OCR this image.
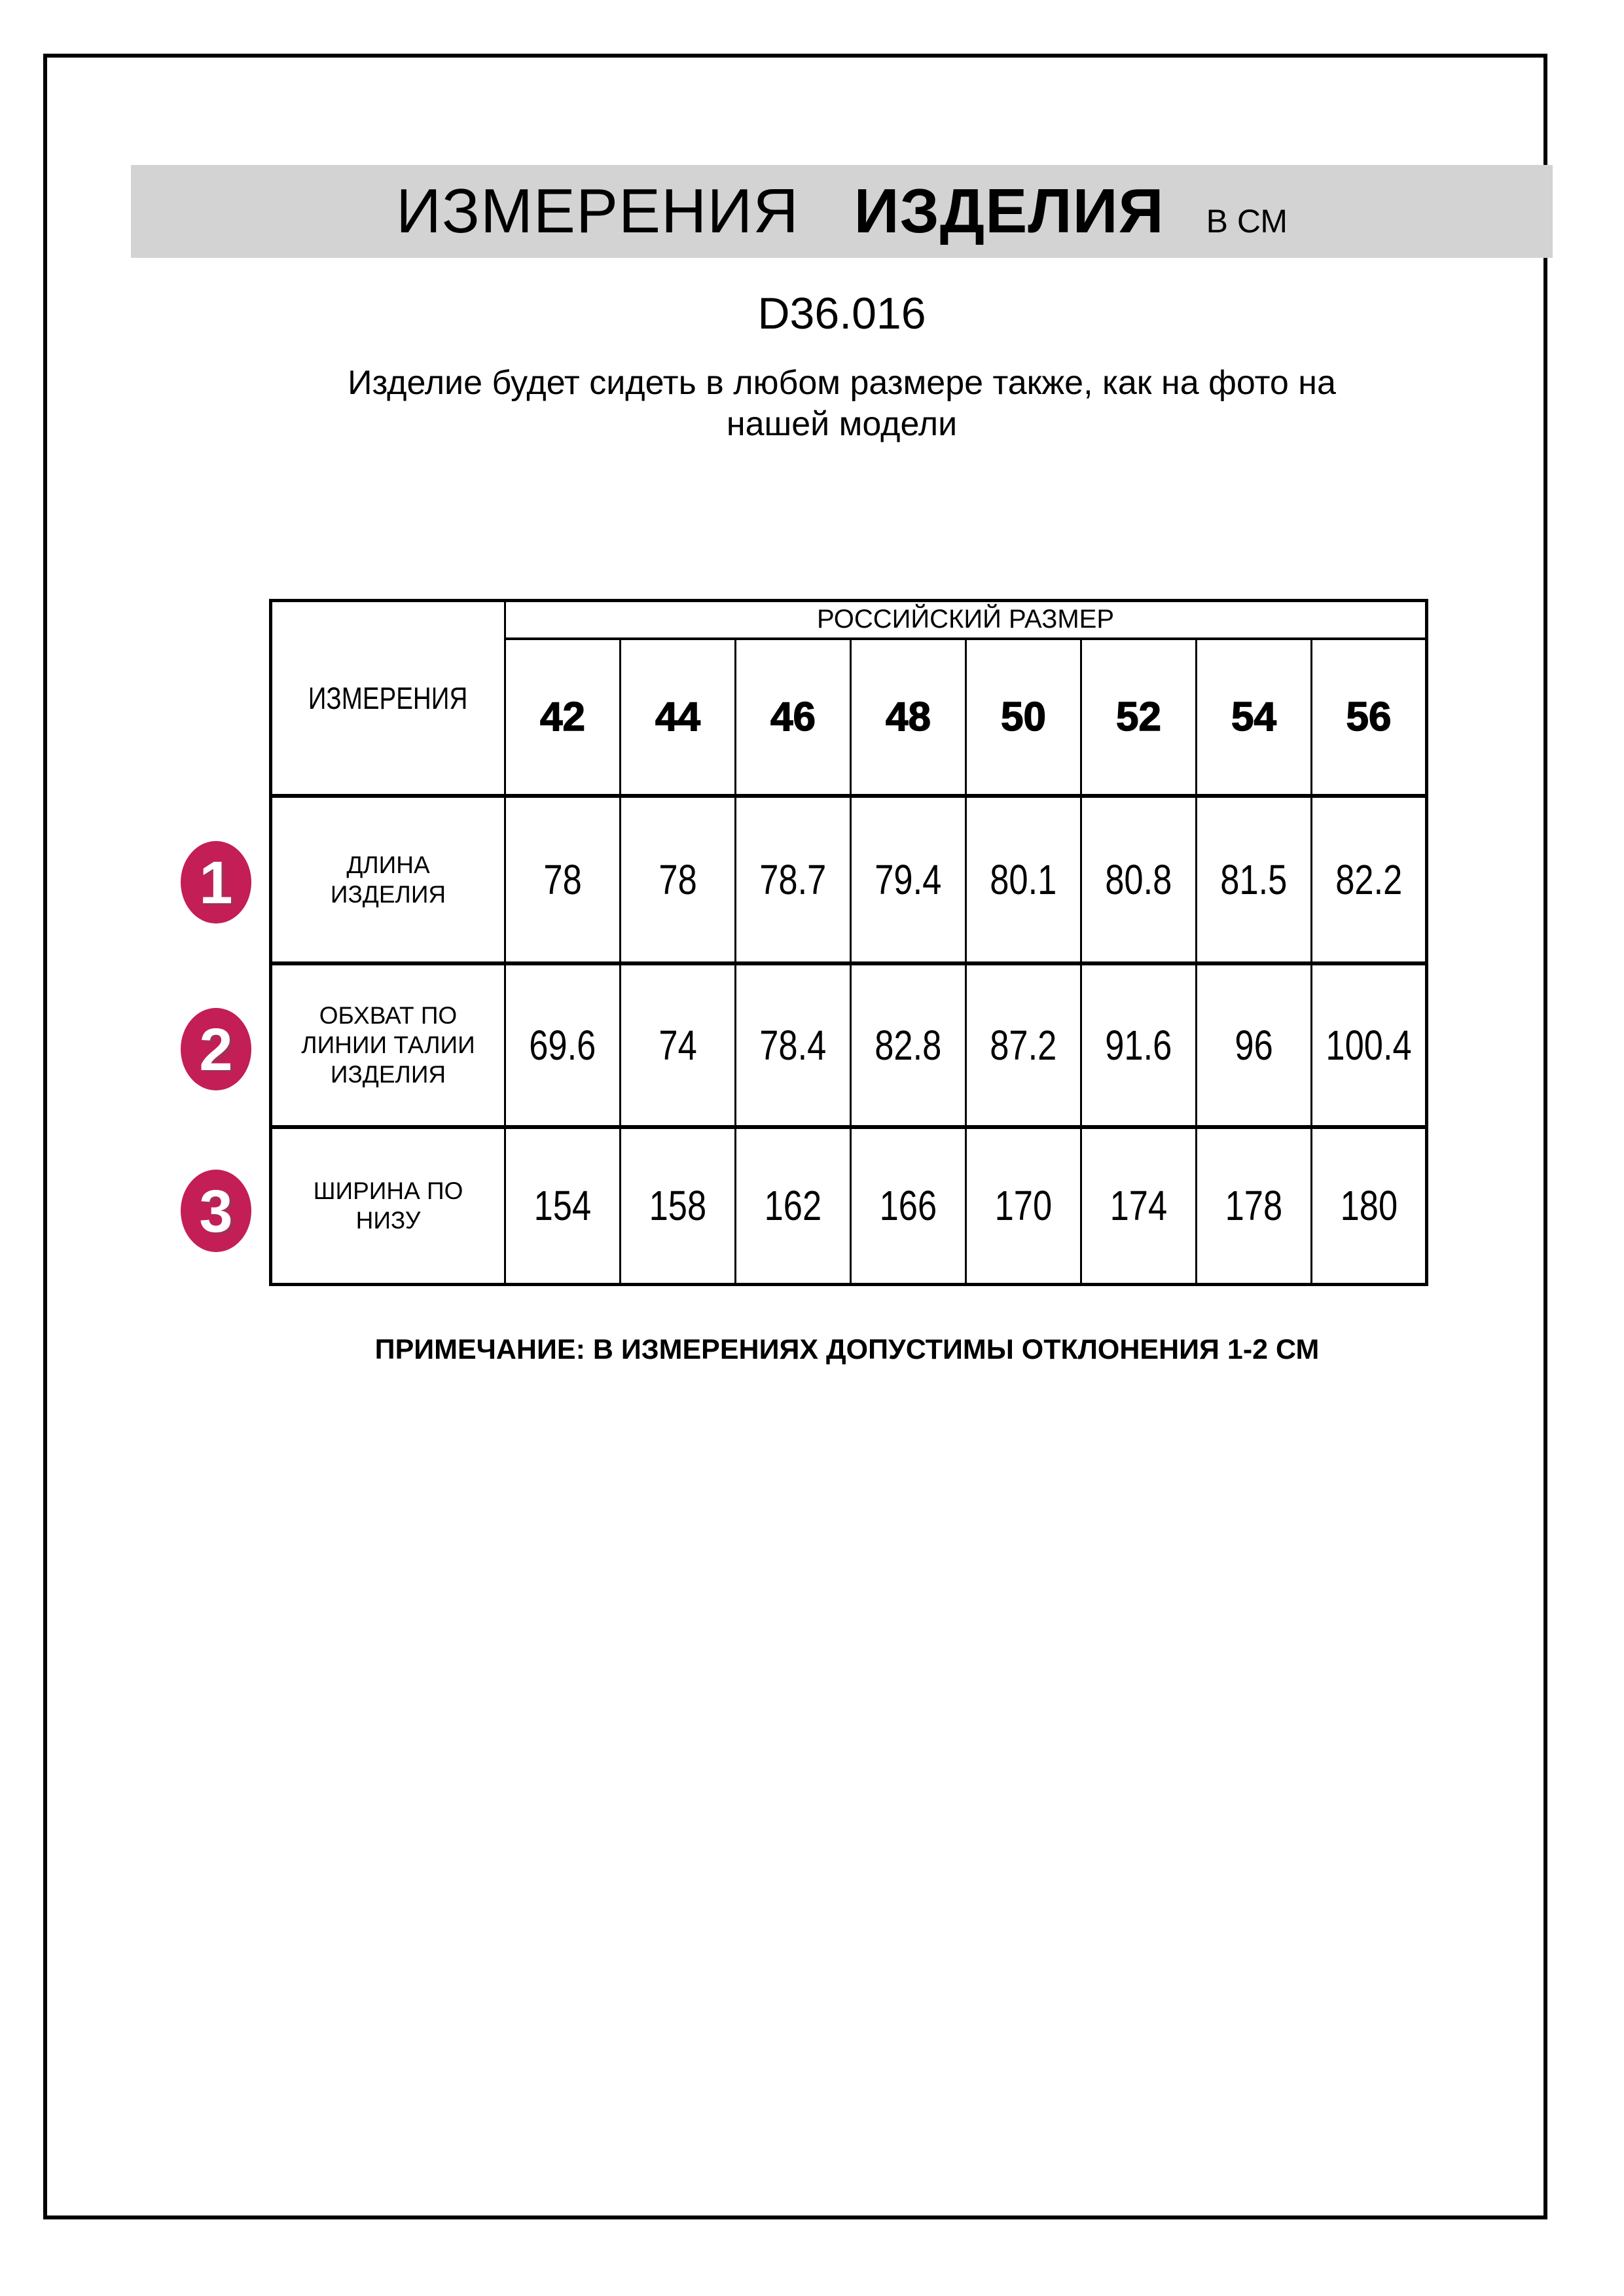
ИЗМЕРЕНИЯ ИЗДЕЛИЯ В СМ
D36.016
Изделие будет сидеть в любом размере также, как на фото на
нашей модели
ИЗМЕРЕНИЯ	РОССИЙСКИЙ РАЗМЕР							
	42	44	46	48	50	52	54	56

ДЛИНА ИЗДЕЛИЯ	78	78	78.7	79.4	80.1	80.8	81.5	82.2

ОБХВАТ ПО ЛИНИИ ТАЛИИ ИЗДЕЛИЯ	69.6	74	78.4	82.8	87.2	91.6	96	100.4

ШИРИНА ПО НИЗУ	154	158	162	166	170	174	178	180
1
2
3
ПРИМЕЧАНИЕ: В ИЗМЕРЕНИЯХ ДОПУСТИМЫ ОТКЛОНЕНИЯ 1-2 СМ
